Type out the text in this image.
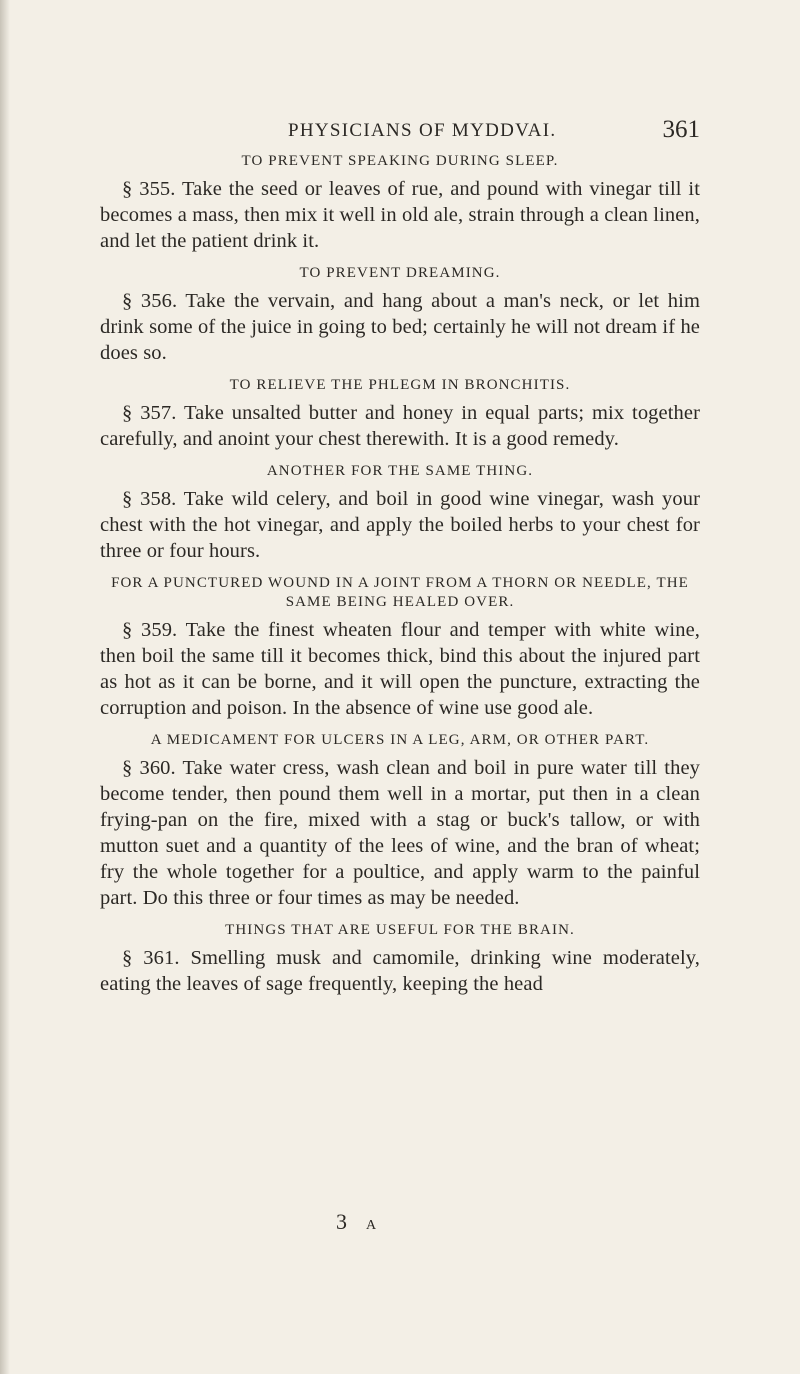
PHYSICIANS OF MYDDVAI.	361
TO PREVENT SPEAKING DURING SLEEP.

§ 355. Take the seed or leaves of rue, and pound with vinegar till it becomes a mass, then mix it well in old ale, strain through a clean linen, and let the patient drink it.

TO PREVENT DREAMING.

§ 356. Take the vervain, and hang about a man's neck, or let him drink some of the juice in going to bed; certainly he will not dream if he does so.

TO RELIEVE THE PHLEGM IN BRONCHITIS.

§ 357. Take unsalted butter and honey in equal parts; mix together carefully, and anoint your chest therewith. It is a good remedy.

ANOTHER FOR THE SAME THING.

§ 358. Take wild celery, and boil in good wine vinegar, wash your chest with the hot vinegar, and apply the boiled herbs to your chest for three or four hours.

FOR A PUNCTURED WOUND IN A JOINT FROM A THORN OR NEEDLE, THE SAME BEING HEALED OVER.

§ 359. Take the finest wheaten flour and temper with white wine, then boil the same till it becomes thick, bind this about the injured part as hot as it can be borne, and it will open the puncture, extracting the corruption and poison. In the absence of wine use good ale.

A MEDICAMENT FOR ULCERS IN A LEG, ARM, OR OTHER PART.

§ 360. Take water cress, wash clean and boil in pure water till they become tender, then pound them well in a mortar, put then in a clean frying-pan on the fire, mixed with a stag or buck's tallow, or with mutton suet and a quantity of the lees of wine, and the bran of wheat; fry the whole together for a poultice, and apply warm to the painful part. Do this three or four times as may be needed.

THINGS THAT ARE USEFUL FOR THE BRAIN.

§ 361. Smelling musk and camomile, drinking wine moderately, eating the leaves of sage frequently, keeping the head

3 A
